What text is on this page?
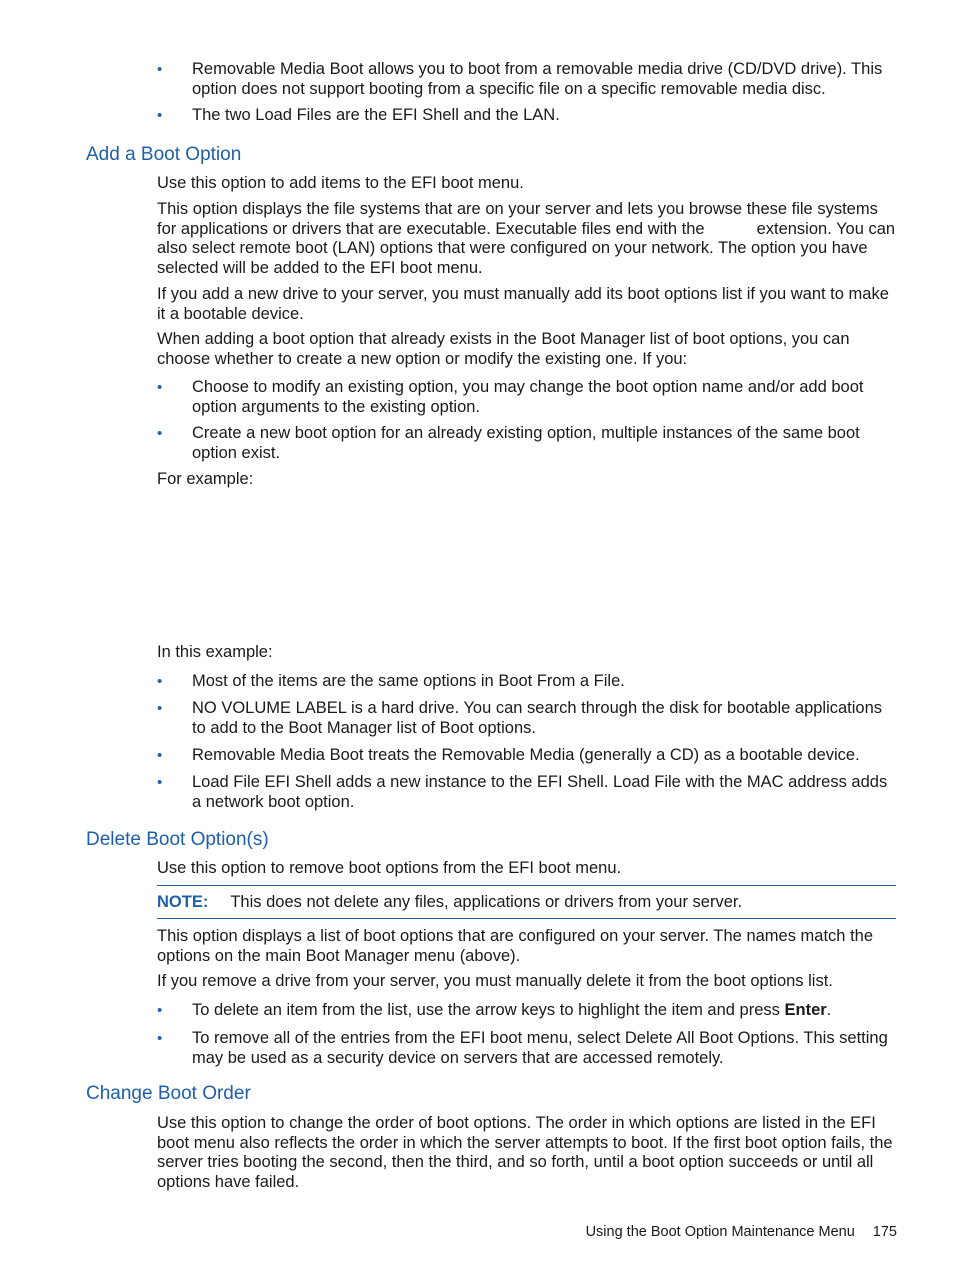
• Removable Media Boot allows you to boot from a removable media drive (CD/DVD drive). This option does not support booting from a specific file on a specific removable media disc.
• The two Load Files are the EFI Shell and the LAN.
Add a Boot Option
Use this option to add items to the EFI boot menu.
This option displays the file systems that are on your server and lets you browse these file systems for applications or drivers that are executable. Executable files end with the	extension. You can also select remote boot (LAN) options that were configured on your network. The option you have selected will be added to the EFI boot menu.
If you add a new drive to your server, you must manually add its boot options list if you want to make it a bootable device.
When adding a boot option that already exists in the Boot Manager list of boot options, you can choose whether to create a new option or modify the existing one. If you:
• Choose to modify an existing option, you may change the boot option name and/or add boot option arguments to the existing option.
• Create a new boot option for an already existing option, multiple instances of the same boot option exist.
For example:
In this example:
• Most of the items are the same options in Boot From a File.
• NO VOLUME LABEL is a hard drive. You can search through the disk for bootable applications to add to the Boot Manager list of Boot options.
• Removable Media Boot treats the Removable Media (generally a CD) as a bootable device.
• Load File EFI Shell adds a new instance to the EFI Shell. Load File with the MAC address adds a network boot option.
Delete Boot Option(s)
Use this option to remove boot options from the EFI boot menu.
NOTE: This does not delete any files, applications or drivers from your server.
This option displays a list of boot options that are configured on your server. The names match the options on the main Boot Manager menu (above).
If you remove a drive from your server, you must manually delete it from the boot options list.
• To delete an item from the list, use the arrow keys to highlight the item and press Enter.
• To remove all of the entries from the EFI boot menu, select Delete All Boot Options. This setting may be used as a security device on servers that are accessed remotely.
Change Boot Order
Use this option to change the order of boot options. The order in which options are listed in the EFI boot menu also reflects the order in which the server attempts to boot. If the first boot option fails, the server tries booting the second, then the third, and so forth, until a boot option succeeds or until all options have failed.
Using the Boot Option Maintenance Menu 175
